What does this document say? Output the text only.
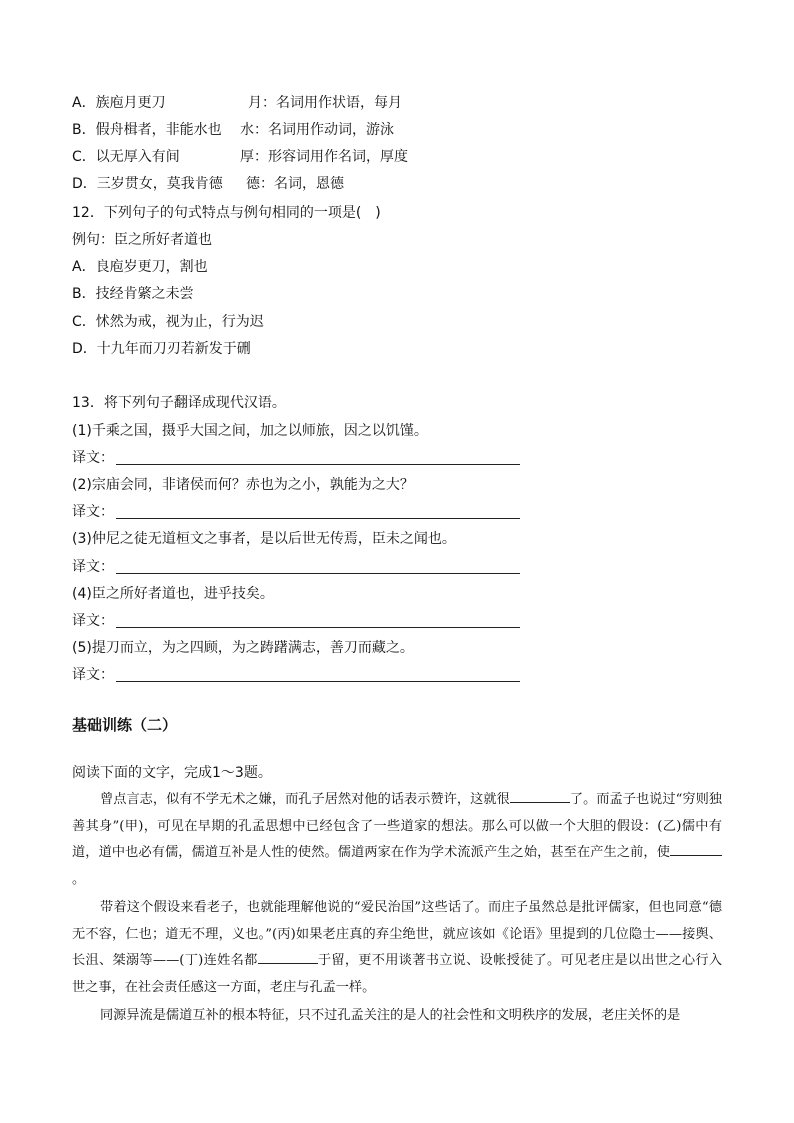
A．族庖月更刀	月：名词用作状语，每月
B．假舟楫者，非能水也 水：名词用作动词，游泳
C．以无厚入有间	厚：形容词用作名词，厚度
D．三岁贯女，莫我肯德 德：名词，恩德
12．下列句子的句式特点与例句相同的一项是(　)
例句：臣之所好者道也
A．良庖岁更刀，割也
B．技经肯綮之未尝
C．怵然为戒，视为止，行为迟
D．十九年而刀刃若新发于硎
13．将下列句子翻译成现代汉语。
(1)千乘之国，摄乎大国之间，加之以师旅，因之以饥馑。
译文：
(2)宗庙会同，非诸侯而何？赤也为之小，孰能为之大？
译文：
(3)仲尼之徒无道桓文之事者，是以后世无传焉，臣未之闻也。
译文：
(4)臣之所好者道也，进乎技矣。
译文：
(5)提刀而立，为之四顾，为之踌躇满志，善刀而藏之。
译文：
基础训练（二）
阅读下面的文字，完成1～3题。
曾点言志，似有不学无术之嫌，而孔子居然对他的话表示赞许，这就很	了。而孟子也说过“穷则独善其身”(甲)，可见在早期的孔孟思想中已经包含了一些道家的想法。那么可以做一个大胆的假设：(乙)儒中有道，道中也必有儒，儒道互补是人性的使然。儒道两家在作为学术流派产生之始，甚至在产生之前，使。
带着这个假设来看老子，也就能理解他说的“爱民治国”这些话了。而庄子虽然总是批评儒家，但也同意“德无不容，仁也；道无不理，义也。”(丙)如果老庄真的弃尘绝世，就应该如《论语》里提到的几位隐士——接舆、长沮、桀溺等——(丁)连姓名都	于留，更不用谈著书立说、设帐授徒了。可见老庄是以出世之心行入世之事，在社会责任感这一方面，老庄与孔孟一样。
同源异流是儒道互补的根本特征，只不过孔孟关注的是人的社会性和文明秩序的发展，老庄关怀的是
